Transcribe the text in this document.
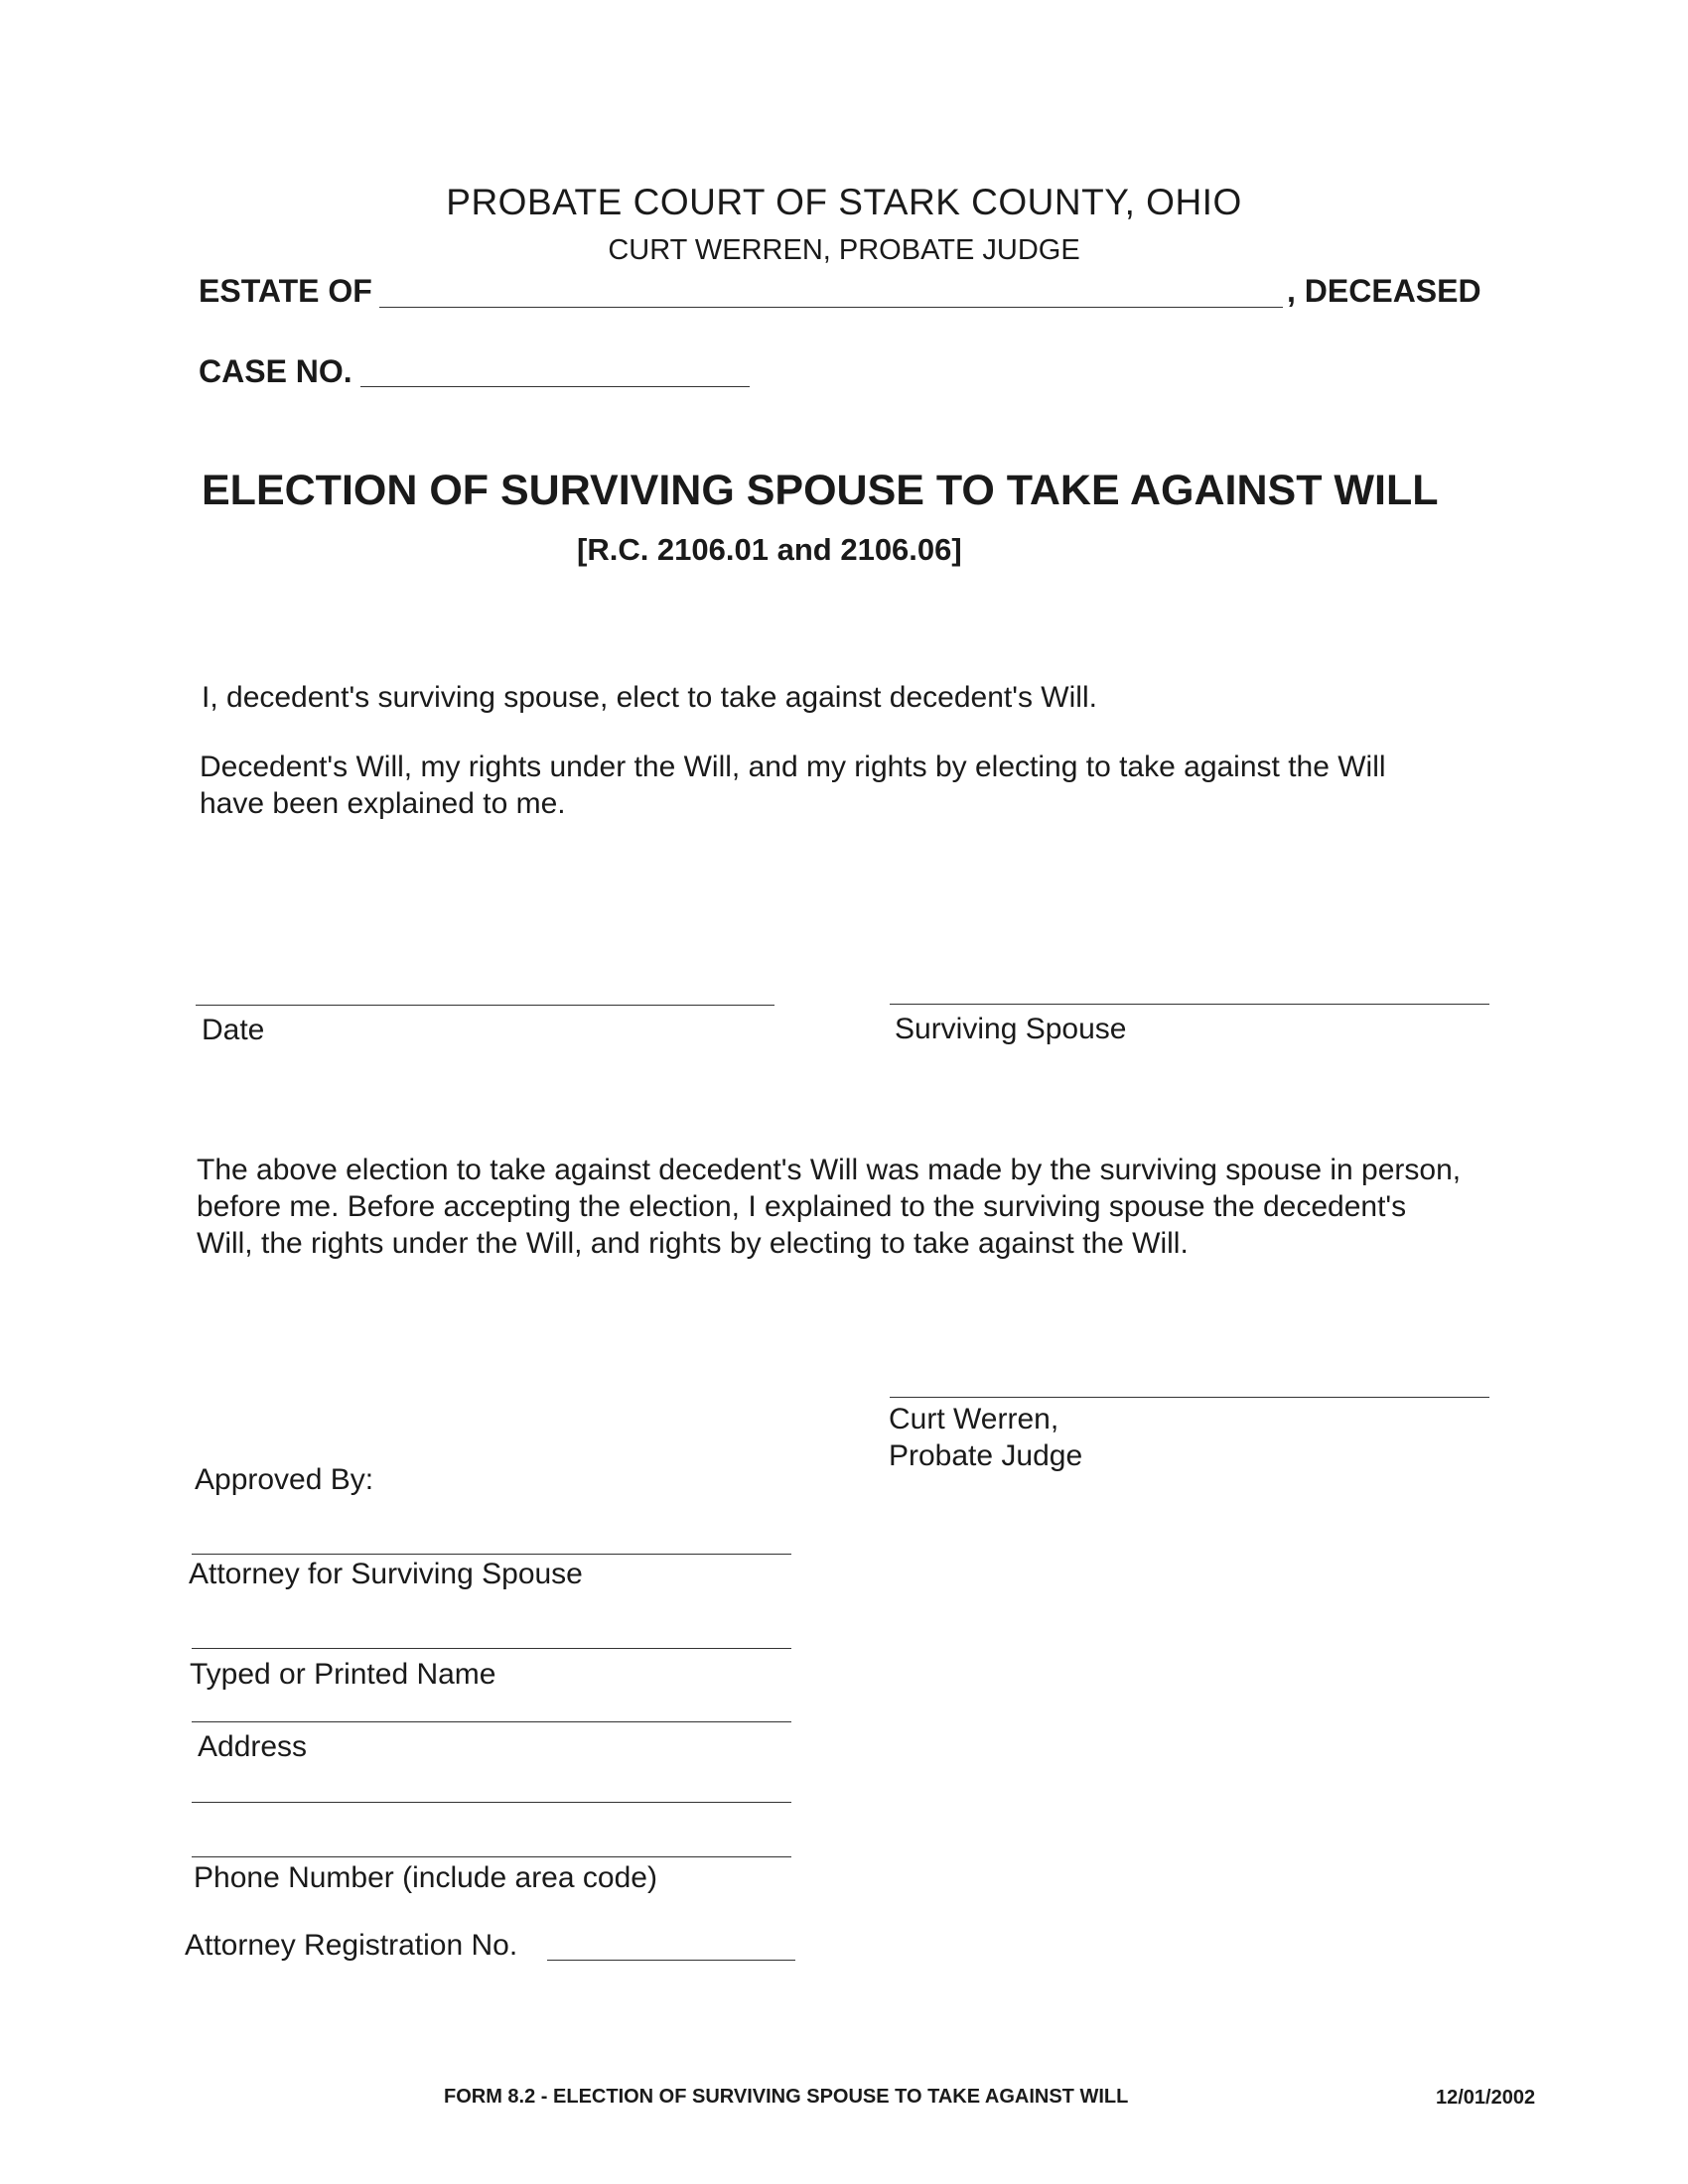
PROBATE COURT OF STARK COUNTY, OHIO
CURT WERREN, PROBATE JUDGE
ESTATE OF	, DECEASED
CASE NO.
ELECTION OF SURVIVING SPOUSE TO TAKE AGAINST WILL
[R.C. 2106.01 and 2106.06]
I, decedent's surviving spouse, elect to take against decedent's Will.
Decedent's Will, my rights under the Will, and my rights by electing to take against the Will
have been explained to me.
Date	Surviving Spouse
The above election to take against decedent's Will was made by the surviving spouse in person,
before me. Before accepting the election, I explained to the surviving spouse the decedent's
Will, the rights under the Will, and rights by electing to take against the Will.
Curt Werren,
Probate Judge
Approved By:
Attorney for Surviving Spouse
Typed or Printed Name
Address
Phone Number (include area code)
Attorney Registration No.
FORM 8.2 - ELECTION OF SURVIVING SPOUSE TO TAKE AGAINST WILL	12/01/2002
